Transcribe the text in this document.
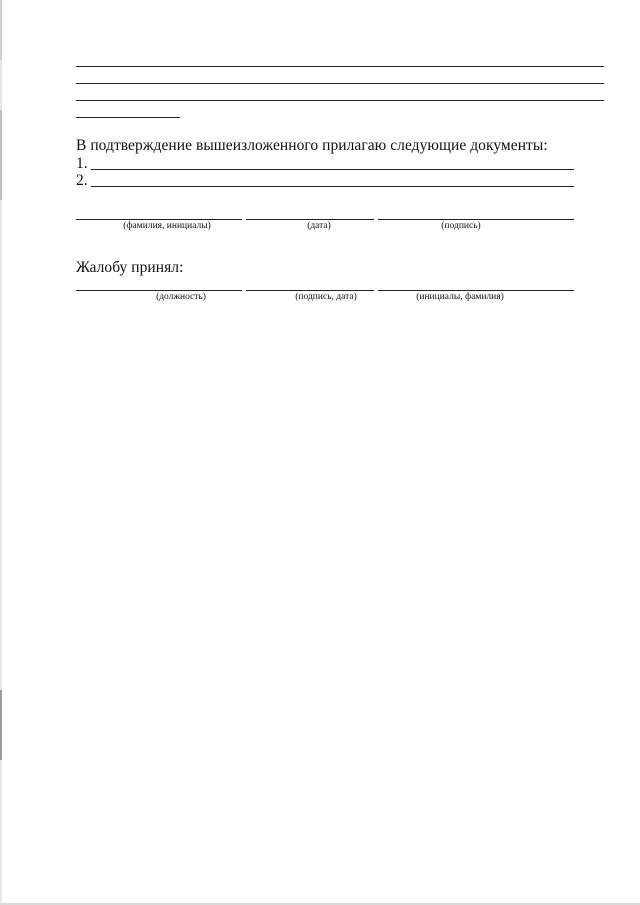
В подтверждение вышеизложенного прилагаю следующие документы:
1.
2.
(фамилия, инициалы)	(дата)	(подпись)
Жалобу принял:
(должность)	(подпись, дата)	(инициалы, фамилия)
